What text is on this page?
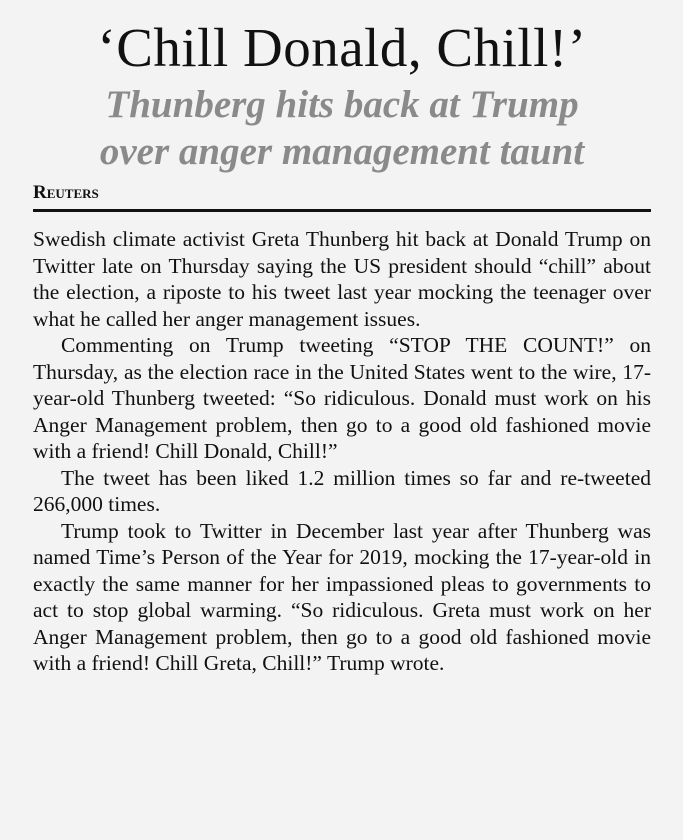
‘Chill Donald, Chill!’
Thunberg hits back at Trump
over anger management taunt
Reuters

Swedish climate activist Greta Thunberg hit back at Donald Trump on Twitter late on Thursday saying the US president should “chill” about the election, a riposte to his tweet last year mocking the teenager over what he called her anger management issues.

Commenting on Trump tweeting “STOP THE COUNT!” on Thursday, as the election race in the United States went to the wire, 17-year-old Thunberg tweeted: “So ridiculous. Donald must work on his Anger Management problem, then go to a good old fashioned movie with a friend! Chill Donald, Chill!”

The tweet has been liked 1.2 million times so far and re-tweeted 266,000 times.

Trump took to Twitter in December last year after Thunberg was named Time’s Person of the Year for 2019, mocking the 17-year-old in exactly the same manner for her impassioned pleas to governments to act to stop global warming. “So ridiculous. Greta must work on her Anger Management problem, then go to a good old fashioned movie with a friend! Chill Greta, Chill!” Trump wrote.
